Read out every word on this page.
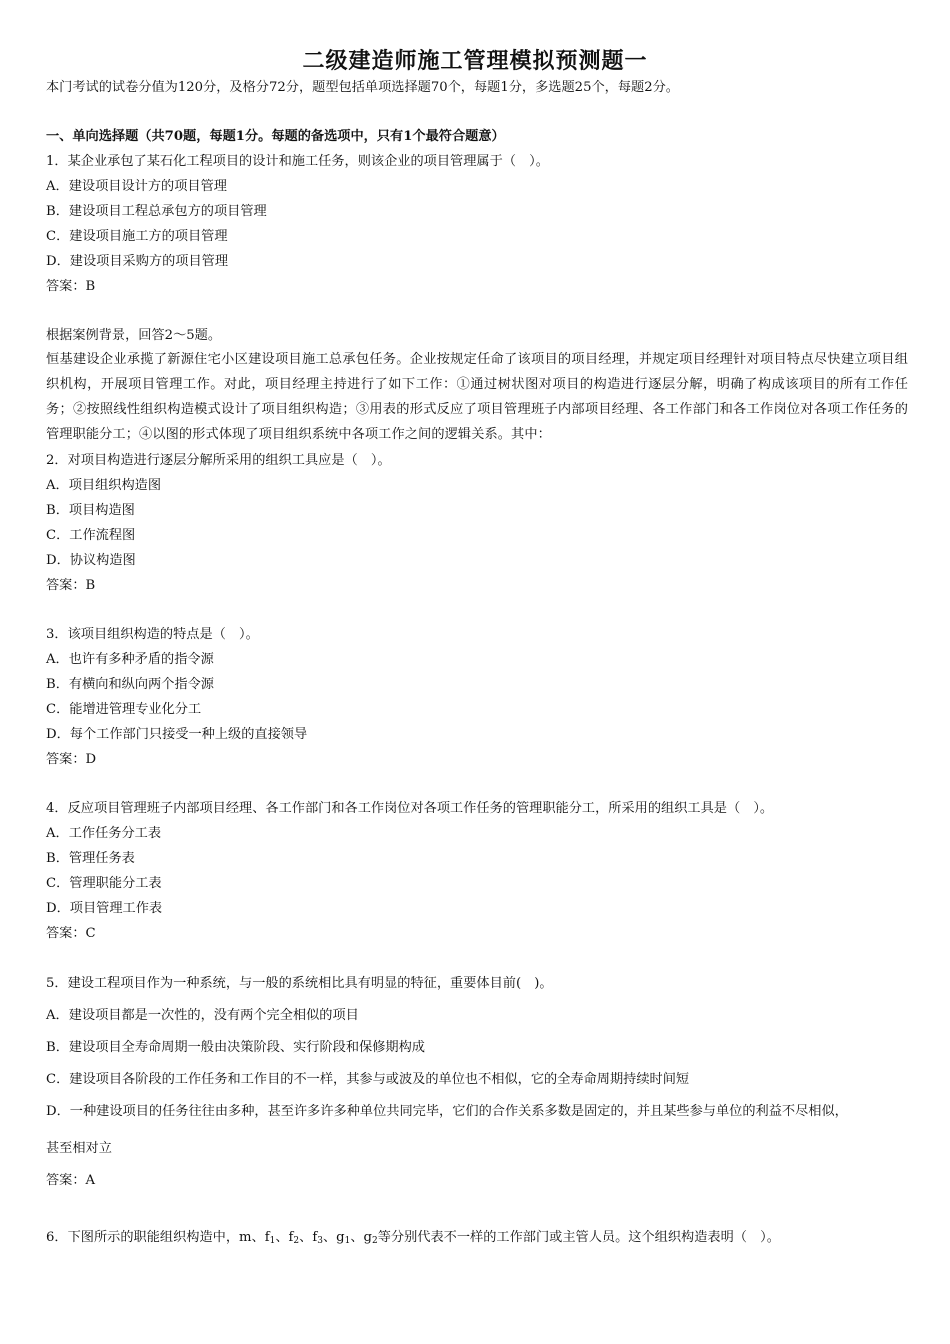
二级建造师施工管理模拟预测题一
本门考试的试卷分值为120分，及格分72分，题型包括单项选择题70个，每题1分，多选题25个，每题2分。
一、单向选择题（共70题，每题1分。每题的备选项中，只有1个最符合题意）
1．某企业承包了某石化工程项目的设计和施工任务，则该企业的项目管理属于（　）。
A．建设项目设计方的项目管理
B．建设项目工程总承包方的项目管理
C．建设项目施工方的项目管理
D．建设项目采购方的项目管理
答案：B
根据案例背景，回答2～5题。
恒基建设企业承揽了新源住宅小区建设项目施工总承包任务。企业按规定任命了该项目的项目经理，并规定项目经理针对项目特点尽快建立项目组织机构，开展项目管理工作。对此，项目经理主持进行了如下工作：①通过树状图对项目的构造进行逐层分解，明确了构成该项目的所有工作任务；②按照线性组织构造模式设计了项目组织构造；③用表的形式反应了项目管理班子内部项目经理、各工作部门和各工作岗位对各项工作任务的管理职能分工；④以图的形式体现了项目组织系统中各项工作之间的逻辑关系。其中：
2．对项目构造进行逐层分解所采用的组织工具应是（　）。
A．项目组织构造图
B．项目构造图
C．工作流程图
D．协议构造图
答案：B
3．该项目组织构造的特点是（　）。
A．也许有多种矛盾的指令源
B．有横向和纵向两个指令源
C．能增进管理专业化分工
D．每个工作部门只接受一种上级的直接领导
答案：D
4．反应项目管理班子内部项目经理、各工作部门和各工作岗位对各项工作任务的管理职能分工，所采用的组织工具是（　）。
A．工作任务分工表
B．管理任务表
C．管理职能分工表
D．项目管理工作表
答案：C
5．建设工程项目作为一种系统，与一般的系统相比具有明显的特征，重要体目前(　)。
A．建设项目都是一次性的，没有两个完全相似的项目
B．建设项目全寿命周期一般由决策阶段、实行阶段和保修期构成
C．建设项目各阶段的工作任务和工作目的不一样，其参与或波及的单位也不相似，它的全寿命周期持续时间短
D．一种建设项目的任务往往由多种，甚至许多许多种单位共同完毕，它们的合作关系多数是固定的，并且某些参与单位的利益不尽相似，
甚至相对立
答案：A
6．下图所示的职能组织构造中，m、$f_1$、$f_2$、$f_3$、$g_1$、$g_2$等分别代表不一样的工作部门或主管人员。这个组织构造表明（　）。
